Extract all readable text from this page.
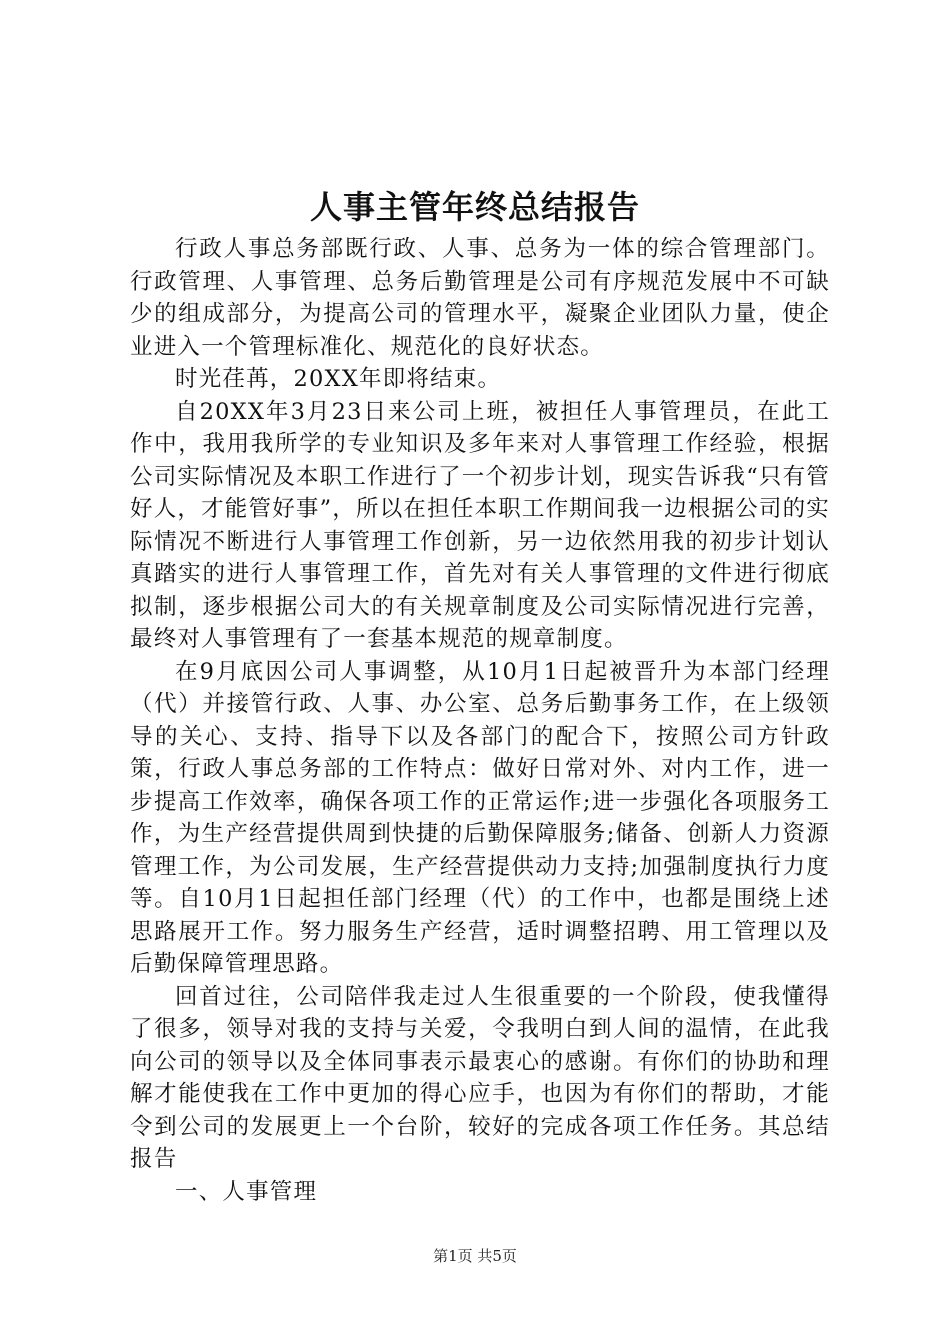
人事主管年终总结报告

行政人事总务部既行政、人事、总务为一体的综合管理部门。行政管理、人事管理、总务后勤管理是公司有序规范发展中不可缺少的组成部分，为提高公司的管理水平，凝聚企业团队力量，使企业进入一个管理标准化、规范化的良好状态。

时光荏苒，20XX年即将结束。

自20XX年3月23日来公司上班，被担任人事管理员，在此工作中，我用我所学的专业知识及多年来对人事管理工作经验，根据公司实际情况及本职工作进行了一个初步计划，现实告诉我“只有管好人，才能管好事”，所以在担任本职工作期间我一边根据公司的实际情况不断进行人事管理工作创新，另一边依然用我的初步计划认真踏实的进行人事管理工作，首先对有关人事管理的文件进行彻底拟制，逐步根据公司大的有关规章制度及公司实际情况进行完善，最终对人事管理有了一套基本规范的规章制度。

在9月底因公司人事调整，从10月1日起被晋升为本部门经理（代）并接管行政、人事、办公室、总务后勤事务工作，在上级领导的关心、支持、指导下以及各部门的配合下，按照公司方针政策，行政人事总务部的工作特点：做好日常对外、对内工作，进一步提高工作效率，确保各项工作的正常运作;进一步强化各项服务工作，为生产经营提供周到快捷的后勤保障服务;储备、创新人力资源管理工作，为公司发展，生产经营提供动力支持;加强制度执行力度等。自10月1日起担任部门经理（代）的工作中，也都是围绕上述思路展开工作。努力服务生产经营，适时调整招聘、用工管理以及后勤保障管理思路。

回首过往，公司陪伴我走过人生很重要的一个阶段，使我懂得了很多，领导对我的支持与关爱，令我明白到人间的温情，在此我向公司的领导以及全体同事表示最衷心的感谢。有你们的协助和理解才能使我在工作中更加的得心应手，也因为有你们的帮助，才能令到公司的发展更上一个台阶，较好的完成各项工作任务。其总结报告

一、人事管理

第1页 共5页
